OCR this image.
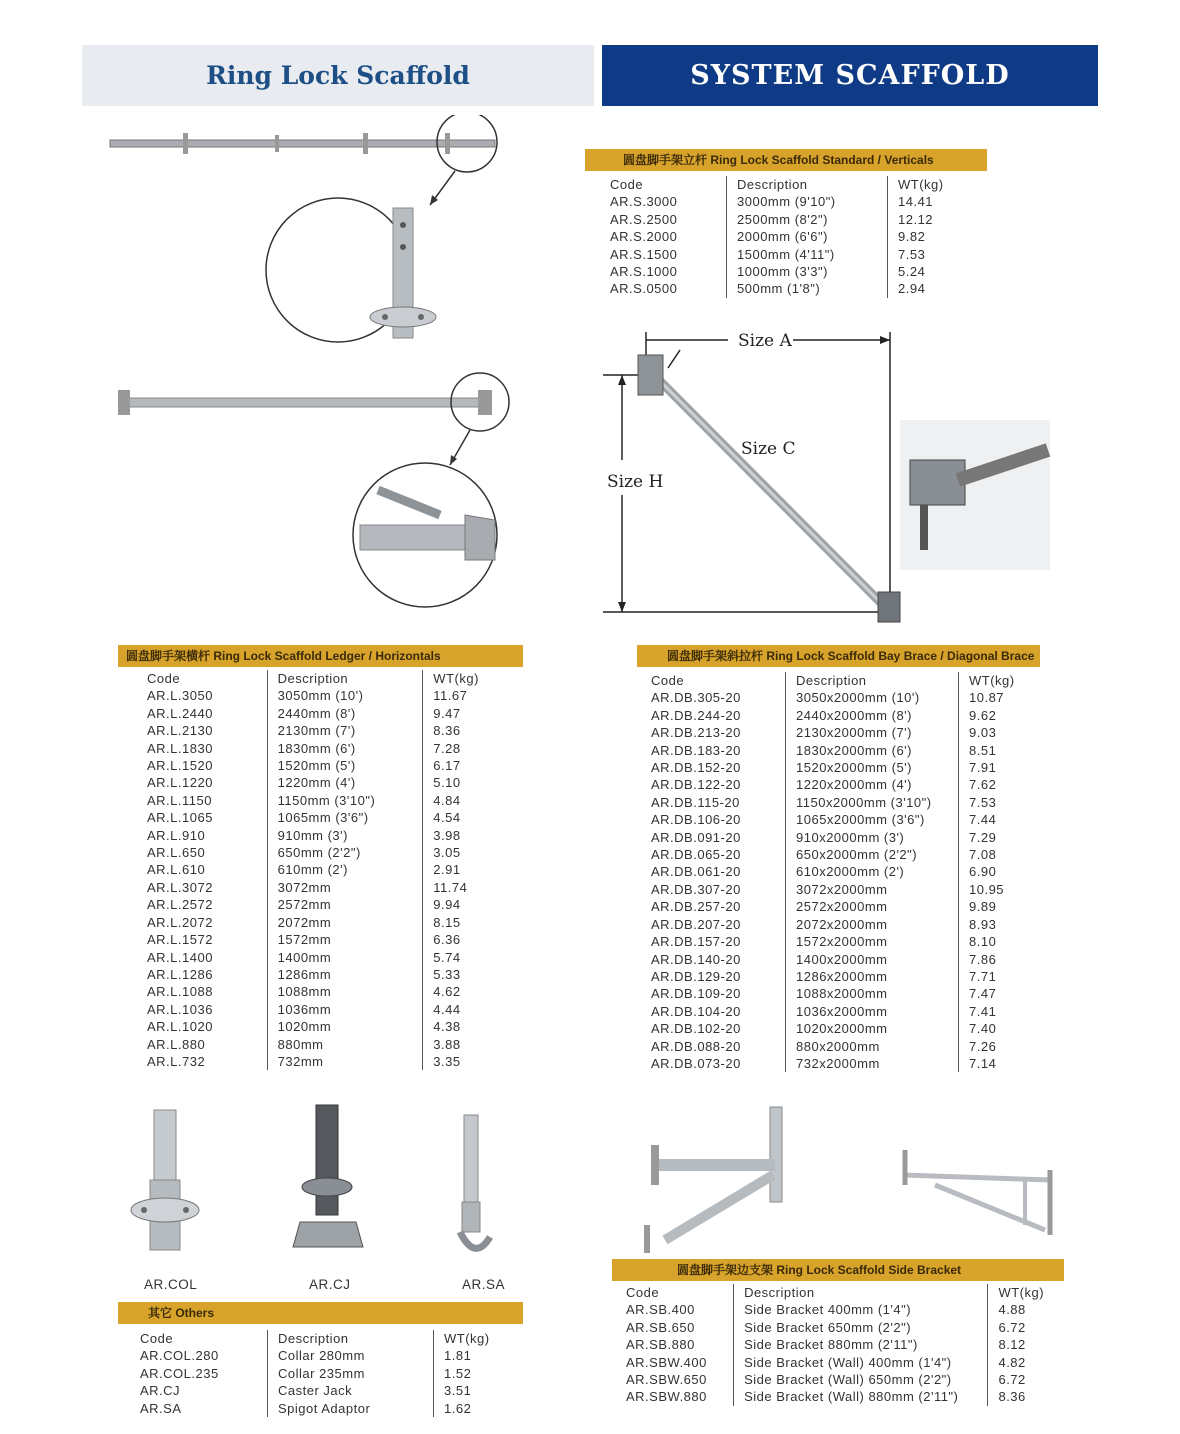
Ring Lock Scaffold	SYSTEM SCAFFOLD
Size A
Size H
Size C
圆盘脚手架立杆 Ring Lock Scaffold Standard / Verticals
Code	Description	WT(kg)
AR.S.3000	3000mm (9'10")	14.41
AR.S.2500	2500mm (8'2")	12.12
AR.S.2000	2000mm (6'6")	9.82
AR.S.1500	1500mm (4'11")	7.53
AR.S.1000	1000mm (3'3")	5.24
AR.S.0500	500mm (1'8")	2.94
圆盘脚手架横杆 Ring Lock Scaffold Ledger / Horizontals
Code	Description	WT(kg)
AR.L.3050	3050mm (10')	11.67
AR.L.2440	2440mm (8')	9.47
AR.L.2130	2130mm (7')	8.36
AR.L.1830	1830mm (6')	7.28
AR.L.1520	1520mm (5')	6.17
AR.L.1220	1220mm (4')	5.10
AR.L.1150	1150mm (3'10")	4.84
AR.L.1065	1065mm (3'6")	4.54
AR.L.910	910mm (3')	3.98
AR.L.650	650mm (2'2")	3.05
AR.L.610	610mm (2')	2.91
AR.L.3072	3072mm	11.74
AR.L.2572	2572mm	9.94
AR.L.2072	2072mm	8.15
AR.L.1572	1572mm	6.36
AR.L.1400	1400mm	5.74
AR.L.1286	1286mm	5.33
AR.L.1088	1088mm	4.62
AR.L.1036	1036mm	4.44
AR.L.1020	1020mm	4.38
AR.L.880	880mm	3.88
AR.L.732	732mm	3.35
圆盘脚手架斜拉杆 Ring Lock Scaffold Bay Brace / Diagonal Brace
Code	Description	WT(kg)
AR.DB.305-20	3050x2000mm (10')	10.87
AR.DB.244-20	2440x2000mm (8')	9.62
AR.DB.213-20	2130x2000mm (7')	9.03
AR.DB.183-20	1830x2000mm (6')	8.51
AR.DB.152-20	1520x2000mm (5')	7.91
AR.DB.122-20	1220x2000mm (4')	7.62
AR.DB.115-20	1150x2000mm (3'10")	7.53
AR.DB.106-20	1065x2000mm (3'6")	7.44
AR.DB.091-20	910x2000mm (3')	7.29
AR.DB.065-20	650x2000mm (2'2")	7.08
AR.DB.061-20	610x2000mm (2')	6.90
AR.DB.307-20	3072x2000mm	10.95
AR.DB.257-20	2572x2000mm	9.89
AR.DB.207-20	2072x2000mm	8.93
AR.DB.157-20	1572x2000mm	8.10
AR.DB.140-20	1400x2000mm	7.86
AR.DB.129-20	1286x2000mm	7.71
AR.DB.109-20	1088x2000mm	7.47
AR.DB.104-20	1036x2000mm	7.41
AR.DB.102-20	1020x2000mm	7.40
AR.DB.088-20	880x2000mm	7.26
AR.DB.073-20	732x2000mm	7.14
AR.COL	AR.CJ	AR.SA
其它 Others
Code	Description	WT(kg)
AR.COL.280	Collar 280mm	1.81
AR.COL.235	Collar 235mm	1.52
AR.CJ	Caster Jack	3.51
AR.SA	Spigot Adaptor	1.62
圆盘脚手架边支架 Ring Lock Scaffold Side Bracket
Code	Description	WT(kg)
AR.SB.400	Side Bracket 400mm (1'4")	4.88
AR.SB.650	Side Bracket 650mm (2'2")	6.72
AR.SB.880	Side Bracket 880mm (2'11")	8.12
AR.SBW.400	Side Bracket (Wall) 400mm (1'4")	4.82
AR.SBW.650	Side Bracket (Wall) 650mm (2'2")	6.72
AR.SBW.880	Side Bracket (Wall) 880mm (2'11")	8.36
